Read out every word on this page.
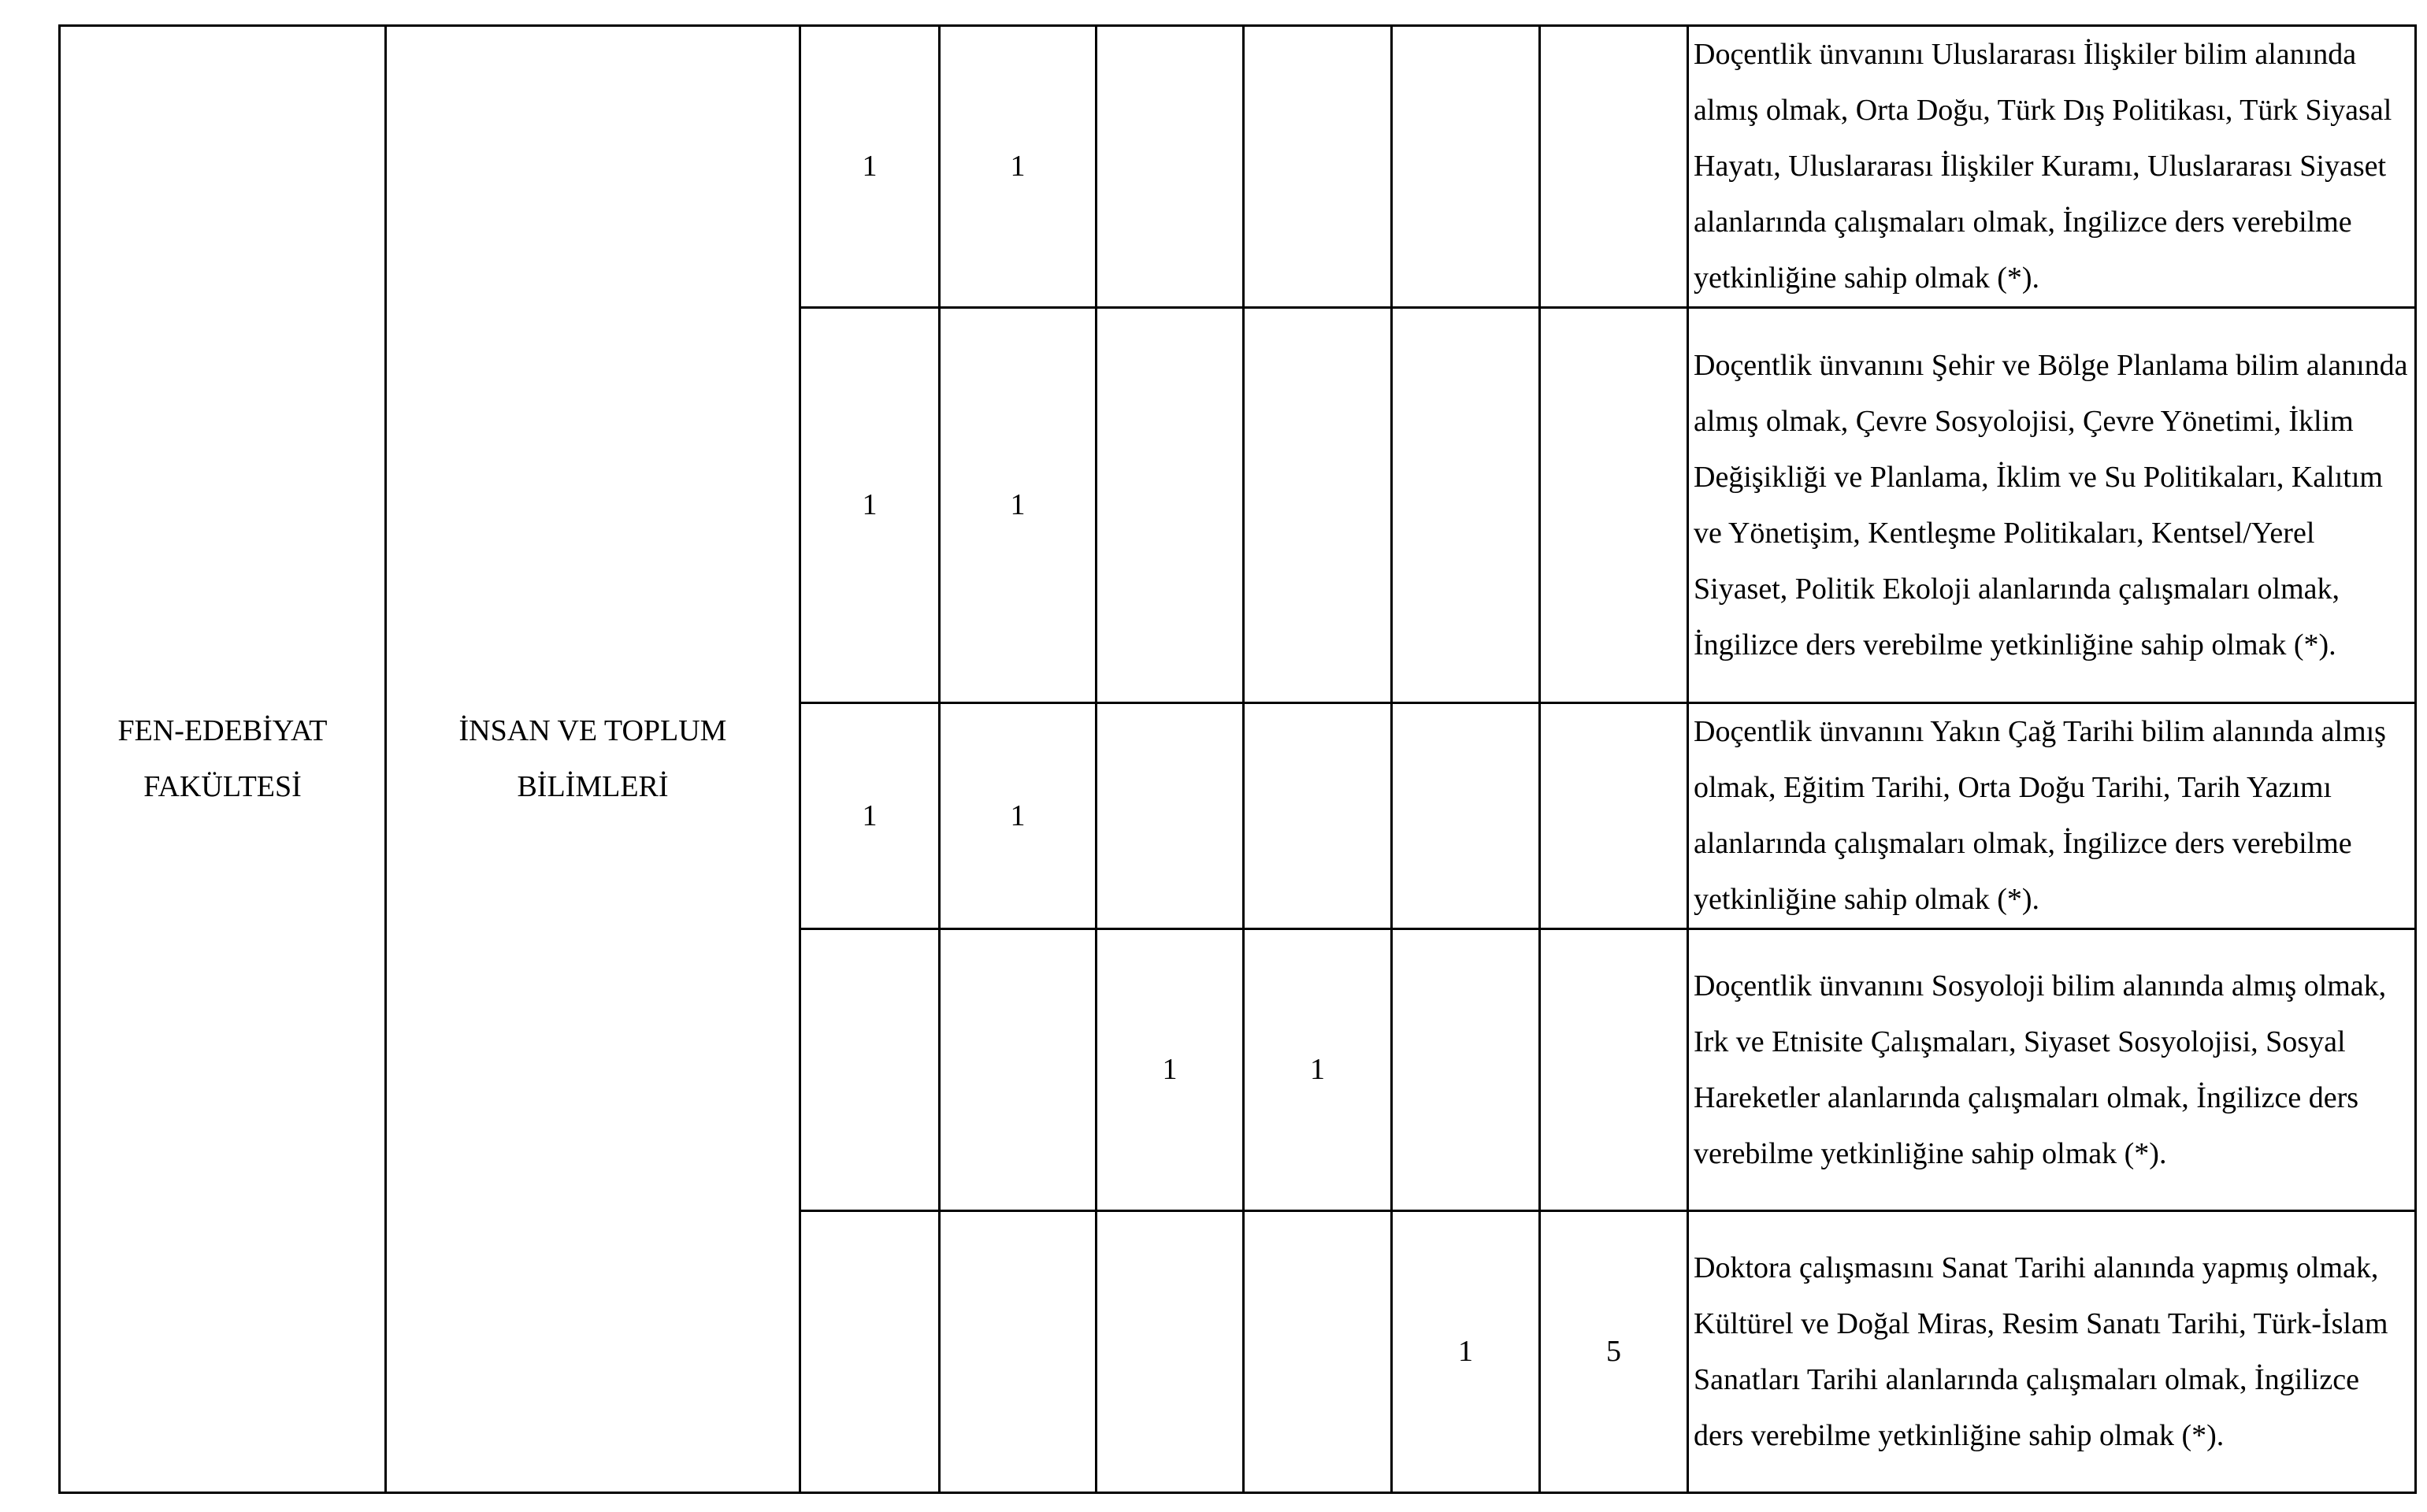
FEN-EDEBİYAT FAKÜLTESİ	İNSAN VE TOPLUM BİLİMLERİ	1	1					Doçentlik ünvanını Uluslararası İlişkiler bilim alanında almış olmak, Orta Doğu, Türk Dış Politikası, Türk Siyasal Hayatı, Uluslararası İlişkiler Kuramı, Uluslararası Siyaset alanlarında çalışmaları olmak, İngilizce ders verebilme yetkinliğine sahip olmak (*).
		1	1					Doçentlik ünvanını Şehir ve Bölge Planlama bilim alanında almış olmak, Çevre Sosyolojisi, Çevre Yönetimi, İklim Değişikliği ve Planlama, İklim ve Su Politikaları, Kalıtım ve Yönetişim, Kentleşme Politikaları, Kentsel/Yerel Siyaset, Politik Ekoloji alanlarında çalışmaları olmak, İngilizce ders verebilme yetkinliğine sahip olmak (*).
		1	1					Doçentlik ünvanını Yakın Çağ Tarihi bilim alanında almış olmak, Eğitim Tarihi, Orta Doğu Tarihi, Tarih Yazımı alanlarında çalışmaları olmak, İngilizce ders verebilme yetkinliğine sahip olmak (*).
				1	1			Doçentlik ünvanını Sosyoloji bilim alanında almış olmak, Irk ve Etnisite Çalışmaları, Siyaset Sosyolojisi, Sosyal Hareketler alanlarında çalışmaları olmak, İngilizce ders verebilme yetkinliğine sahip olmak (*).
						1	5	Doktora çalışmasını Sanat Tarihi alanında yapmış olmak, Kültürel ve Doğal Miras, Resim Sanatı Tarihi, Türk-İslam Sanatları Tarihi alanlarında çalışmaları olmak, İngilizce ders verebilme yetkinliğine sahip olmak (*).
